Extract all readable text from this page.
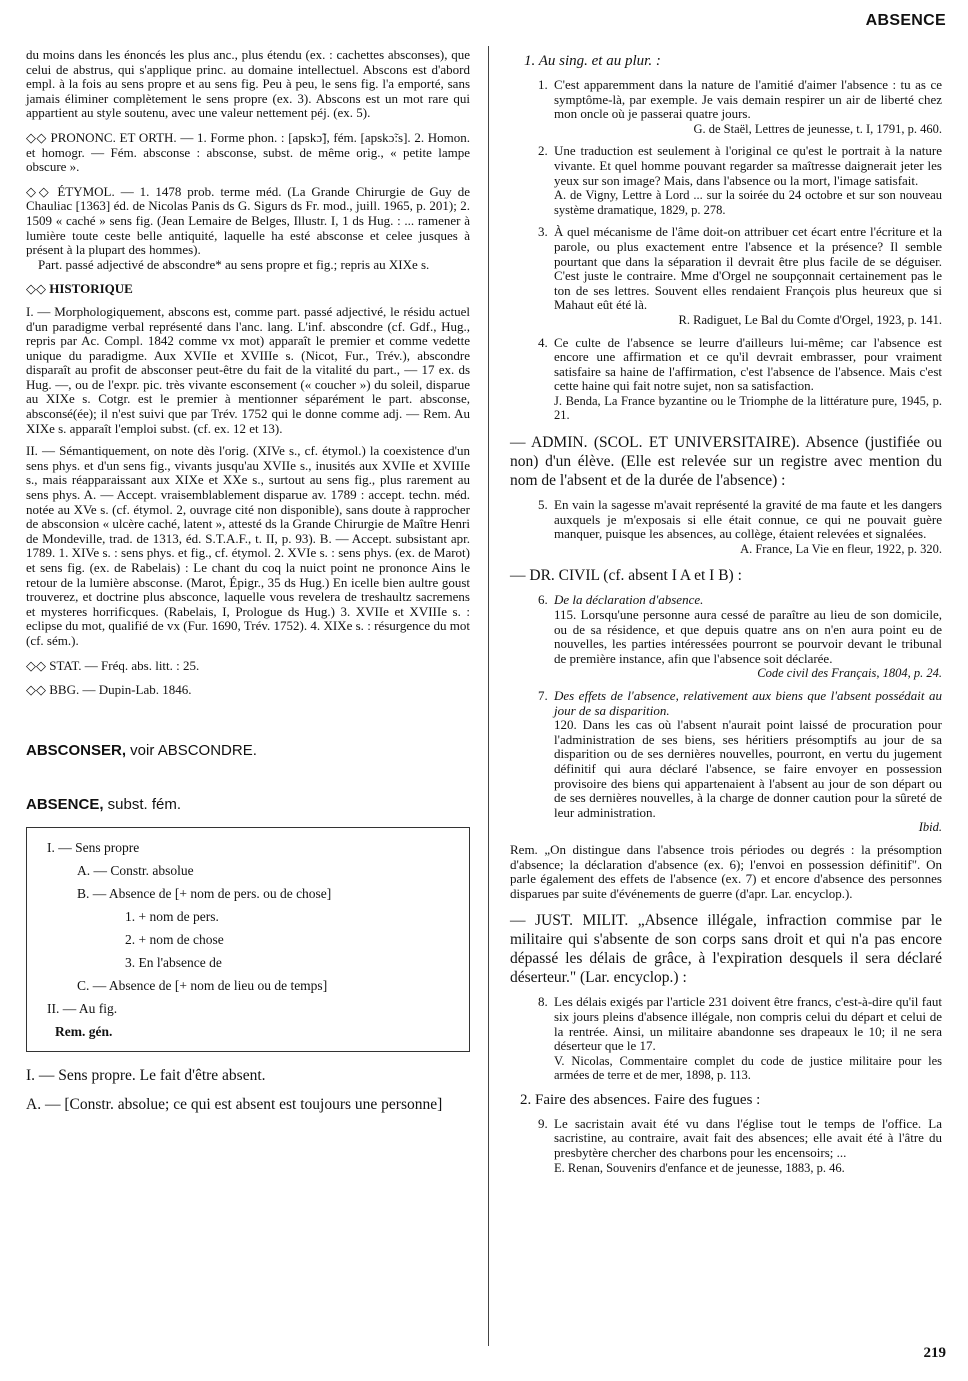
ABSENCE

du moins dans les énoncés les plus anc., plus étendu (ex. : cachettes absconses), que celui de abstrus, qui s'applique princ. au domaine intellectuel. Abscons est d'abord empl. à la fois au sens propre et au sens fig. Peu à peu, le sens fig. l'a emporté, sans jamais éliminer complètement le sens propre (ex. 3). Abscons est un mot rare qui appartient au style soutenu, avec une valeur nettement péj. (ex. 5).

◇◇ PRONONC. ET ORTH. — 1. Forme phon. : [apskɔ̃], fém. [apskɔ̃:s]. 2. Homon. et homogr. — Fém. absconse : absconse, subst. de même orig., « petite lampe obscure ».

◇◇ ÉTYMOL. — 1. 1478 prob. terme méd. (La Grande Chirurgie de Guy de Chauliac [1363] éd. de Nicolas Panis ds G. Sigurs ds Fr. mod., juill. 1965, p. 201); 2. 1509 « caché » sens fig. (Jean Lemaire de Belges, Illustr. I, 1 ds Hug. : ... ramener à lumière toute ceste belle antiquité, laquelle ha esté absconse et celee jusques à présent à la plupart des hommes).

Part. passé adjectivé de abscondre* au sens propre et fig.; repris au XIXe s.

◇◇ HISTORIQUE

I. — Morphologiquement, abscons est, comme part. passé adjectivé, le résidu actuel d'un paradigme verbal représenté dans l'anc. lang. L'inf. abscondre (cf. Gdf., Hug., repris par Ac. Compl. 1842 comme vx mot) apparaît le premier et comme vedette unique du paradigme. Aux XVIIe et XVIIIe s. (Nicot, Fur., Trév.), abscondre disparaît au profit de absconser peut-être du fait de la vitalité du part., — 17 ex. ds Hug. —, ou de l'expr. pic. très vivante esconsement (« coucher ») du soleil, disparue au XIXe s. Cotgr. est le premier à mentionner séparément le part. absconse, absconsé(ée); il n'est suivi que par Trév. 1752 qui le donne comme adj. — Rem. Au XIXe s. apparaît l'emploi subst. (cf. ex. 12 et 13).

II. — Sémantiquement, on note dès l'orig. (XIVe s., cf. étymol.) la coexistence d'un sens phys. et d'un sens fig., vivants jusqu'au XVIIe s., inusités aux XVIIe et XVIIIe s., mais réapparaissant aux XIXe et XXe s., surtout au sens fig., plus rarement au sens phys. A. — Accept. vraisemblablement disparue av. 1789 : accept. techn. méd. notée au XVe s. (cf. étymol. 2, ouvrage cité non disponible), sans doute à rapprocher de absconsion « ulcère caché, latent », attesté ds la Grande Chirurgie de Maître Henri de Mondeville, trad. de 1313, éd. S.T.A.F., t. II, p. 93). B. — Accept. subsistant apr. 1789. 1. XIVe s. : sens phys. et fig., cf. étymol. 2. XVIe s. : sens phys. (ex. de Marot) et sens fig. (ex. de Rabelais) : Le chant du coq la nuict point ne prononce Ains le retour de la lumière absconse. (Marot, Épigr., 35 ds Hug.) En icelle bien aultre goust trouverez, et doctrine plus absconce, laquelle vous revelera de treshaultz sacremens et mysteres horrificques. (Rabelais, I, Prologue ds Hug.) 3. XVIIe et XVIIIe s. : eclipse du mot, qualifié de vx (Fur. 1690, Trév. 1752). 4. XIXe s. : résurgence du mot (cf. sém.).

◇◇ STAT. — Fréq. abs. litt. : 25.

◇◇ BBG. — Dupin-Lab. 1846.

ABSCONSER, voir ABSCONDRE.
ABSENCE, subst. fém.
I. — Sens propre
A. — Constr. absolue
B. — Absence de [+ nom de pers. ou de chose]
1. + nom de pers.
2. + nom de chose
3. En l'absence de
C. — Absence de [+ nom de lieu ou de temps]
II. — Au fig.
Rem. gén.

I. — Sens propre. Le fait d'être absent.

A. — [Constr. absolue; ce qui est absent est toujours une personne]

1. Au sing. et au plur. :

1. C'est apparemment dans la nature de l'amitié d'aimer l'absence : tu as ce symptôme-là, par exemple. Je vais demain respirer un air de liberté chez mon oncle où je passerai quatre jours.

G. de Staël, Lettres de jeunesse, t. I, 1791, p. 460.

2. Une traduction est seulement à l'original ce qu'est le portrait à la nature vivante. Et quel homme pouvant regarder sa maîtresse daignerait jeter les yeux sur son image? Mais, dans l'absence ou la mort, l'image satisfait.

A. de Vigny, Lettre à Lord ... sur la soirée du 24 octobre et sur son nouveau système dramatique, 1829, p. 278.

3. À quel mécanisme de l'âme doit-on attribuer cet écart entre l'écriture et la parole, ou plus exactement entre l'absence et la présence? Il semble pourtant que dans la séparation il devrait être plus facile de se déguiser. C'est juste le contraire. Mme d'Orgel ne soupçonnait certainement pas le ton de ses lettres. Souvent elles rendaient François plus heureux que si Mahaut eût été là.

R. Radiguet, Le Bal du Comte d'Orgel, 1923, p. 141.

4. Ce culte de l'absence se leurre d'ailleurs lui-même; car l'absence est encore une affirmation et ce qu'il devrait embrasser, pour vraiment satisfaire sa haine de l'affirmation, c'est l'absence de l'absence. Mais c'est cette haine qui fait notre sujet, non sa satisfaction.

J. Benda, La France byzantine ou le Triomphe de la littérature pure, 1945, p. 21.

— ADMIN. (SCOL. ET UNIVERSITAIRE). Absence (justifiée ou non) d'un élève. (Elle est relevée sur un registre avec mention du nom de l'absent et de la durée de l'absence) :

5. En vain la sagesse m'avait représenté la gravité de ma faute et les dangers auxquels je m'exposais si elle était connue, ce qui ne pouvait guère manquer, puisque les absences, au collège, étaient relevées et signalées.

A. France, La Vie en fleur, 1922, p. 320.

— DR. CIVIL (cf. absent I A et I B) :

6. De la déclaration d'absence.

115. Lorsqu'une personne aura cessé de paraître au lieu de son domicile, ou de sa résidence, et que depuis quatre ans on n'en aura point eu de nouvelles, les parties intéressées pourront se pourvoir devant le tribunal de première instance, afin que l'absence soit déclarée.

Code civil des Français, 1804, p. 24.

7. Des effets de l'absence, relativement aux biens que l'absent possédait au jour de sa disparition.

120. Dans les cas où l'absent n'aurait point laissé de procuration pour l'administration de ses biens, ses héritiers présomptifs au jour de sa disparition ou de ses dernières nouvelles, pourront, en vertu du jugement définitif qui aura déclaré l'absence, se faire envoyer en possession provisoire des biens qui appartenaient à l'absent au jour de son départ ou de ses dernières nouvelles, à la charge de donner caution pour la sûreté de leur administration.

Ibid.

Rem. „On distingue dans l'absence trois périodes ou degrés : la présomption d'absence; la déclaration d'absence (ex. 6); l'envoi en possession définitif". On parle également des effets de l'absence (ex. 7) et encore d'absence des personnes disparues par suite d'événements de guerre (d'apr. Lar. encyclop.).

— JUST. MILIT. „Absence illégale, infraction commise par le militaire qui s'absente de son corps sans droit et qui n'a pas encore dépassé les délais de grâce, à l'expiration desquels il sera déclaré déserteur." (Lar. encyclop.) :

8. Les délais exigés par l'article 231 doivent être francs, c'est-à-dire qu'il faut six jours pleins d'absence illégale, non compris celui du départ et celui de la rentrée. Ainsi, un militaire abandonne ses drapeaux le 10; il ne sera déserteur que le 17.

V. Nicolas, Commentaire complet du code de justice militaire pour les armées de terre et de mer, 1898, p. 113.

2. Faire des absences. Faire des fugues :

9. Le sacristain avait été vu dans l'église tout le temps de l'office. La sacristine, au contraire, avait fait des absences; elle avait été à l'âtre du presbytère chercher des charbons pour les encensoirs; ...

E. Renan, Souvenirs d'enfance et de jeunesse, 1883, p. 46.

219
